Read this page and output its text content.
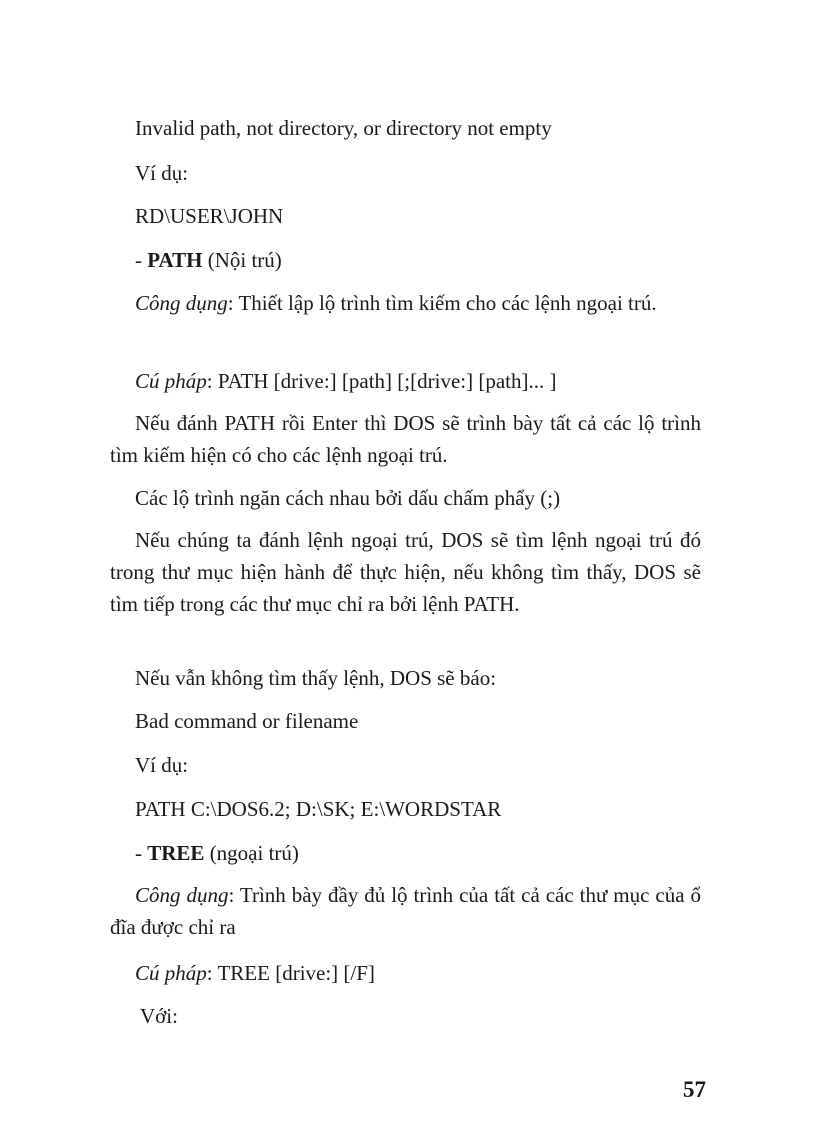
Invalid path, not directory, or directory not empty
Ví dụ:
RD\USER\JOHN
- PATH (Nội trú)
Công dụng: Thiết lập lộ trình tìm kiếm cho các lệnh ngoại trú.
Cú pháp: PATH [drive:] [path] [;[drive:] [path]... ]
Nếu đánh PATH rồi Enter thì DOS sẽ trình bày tất cả các lộ trình tìm kiếm hiện có cho các lệnh ngoại trú.
Các lộ trình ngăn cách nhau bởi dấu chấm phẩy (;)
Nếu chúng ta đánh lệnh ngoại trú, DOS sẽ tìm lệnh ngoại trú đó trong thư mục hiện hành để thực hiện, nếu không tìm thấy, DOS sẽ tìm tiếp trong các thư mục chỉ ra bởi lệnh PATH.
Nếu vẫn không tìm thấy lệnh, DOS sẽ báo:
Bad command or filename
Ví dụ:
PATH C:\DOS6.2; D:\SK; E:\WORDSTAR
- TREE (ngoại trú)
Công dụng: Trình bày đầy đủ lộ trình của tất cả các thư mục của ổ đĩa được chỉ ra
Cú pháp: TREE [drive:] [/F]
Với:
57
